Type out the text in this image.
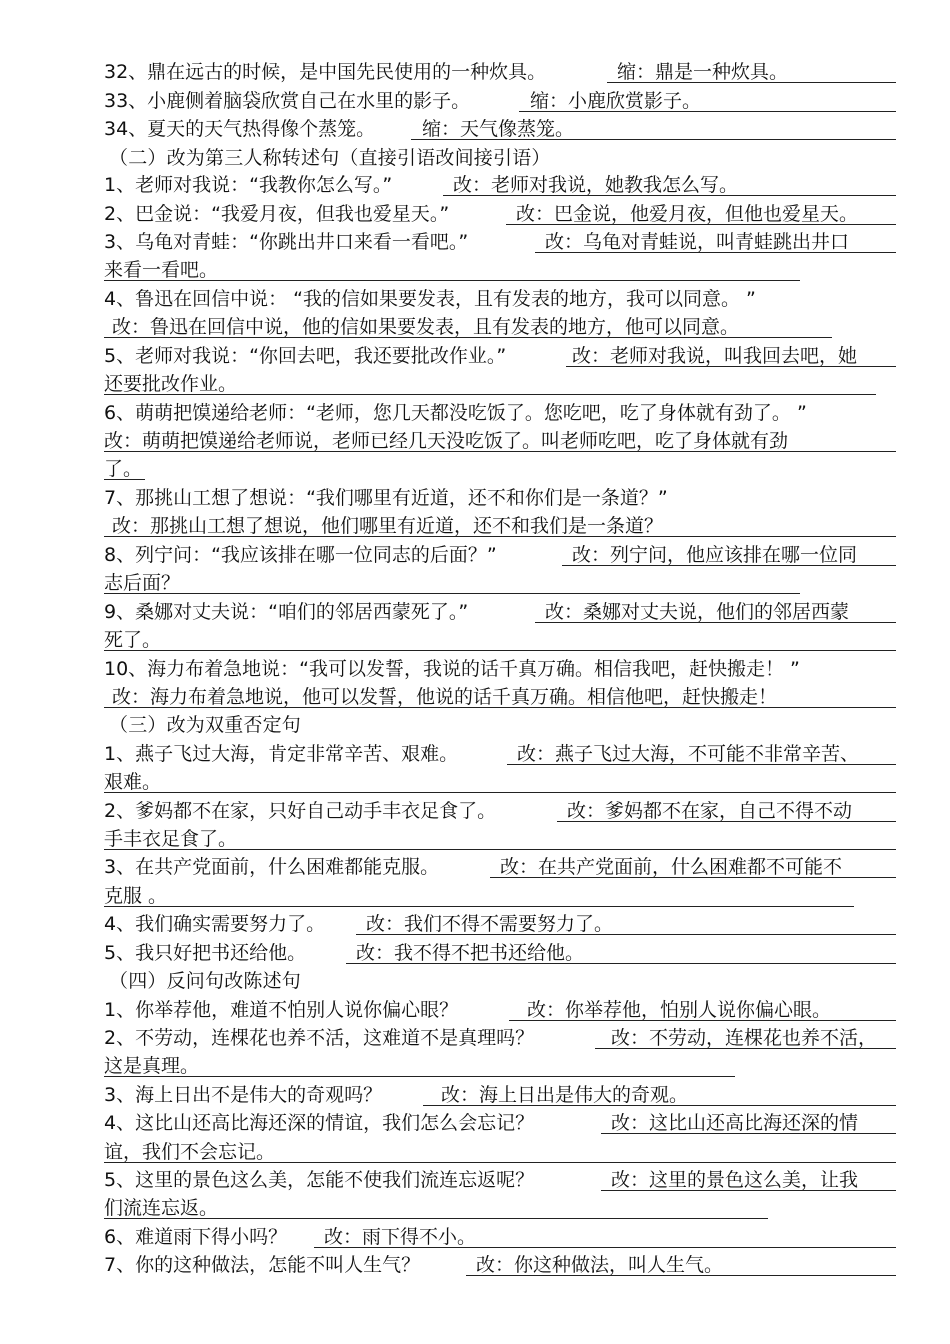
32、鼎在远古的时候，是中国先民使用的一种炊具。	缩：鼎是一种炊具。
33、小鹿侧着脑袋欣赏自己在水里的影子。	缩：小鹿欣赏影子。
34、夏天的天气热得像个蒸笼。 缩：天气像蒸笼。
（二）改为第三人称转述句（直接引语改间接引语）
1、老师对我说：“我教你怎么写。”	改：老师对我说，她教我怎么写。
2、巴金说：“我爱月夜，但我也爱星天。”	改：巴金说，他爱月夜，但他也爱星天。
3、乌龟对青蛙：“你跳出井口来看一看吧。”	改：乌龟对青蛙说，叫青蛙跳出井口
来看一看吧。
4、鲁迅在回信中说： “我的信如果要发表，且有发表的地方，我可以同意。 ”
改：鲁迅在回信中说，他的信如果要发表，且有发表的地方，他可以同意。
5、老师对我说：“你回去吧，我还要批改作业。”	改：老师对我说，叫我回去吧，她
还要批改作业。
6、萌萌把馍递给老师：“老师，您几天都没吃饭了。您吃吧，吃了身体就有劲了。 ”
改：萌萌把馍递给老师说，老师已经几天没吃饭了。叫老师吃吧，吃了身体就有劲
了。
7、那挑山工想了想说：“我们哪里有近道，还不和你们是一条道？”
改：那挑山工想了想说，他们哪里有近道，还不和我们是一条道？
8、列宁问：“我应该排在哪一位同志的后面？”	改：列宁问，他应该排在哪一位同
志后面？
9、桑娜对丈夫说：“咱们的邻居西蒙死了。”	改：桑娜对丈夫说，他们的邻居西蒙
死了。
10、海力布着急地说：“我可以发誓，我说的话千真万确。相信我吧，赶快搬走！ ”
改：海力布着急地说，他可以发誓，他说的话千真万确。相信他吧，赶快搬走！
（三）改为双重否定句
1、燕子飞过大海，肯定非常辛苦、艰难。	改：燕子飞过大海，不可能不非常辛苦、
艰难。
2、爹妈都不在家，只好自己动手丰衣足食了。	改：爹妈都不在家，自己不得不动
手丰衣足食了。
3、在共产党面前，什么困难都能克服。	改：在共产党面前，什么困难都不可能不
克服 。
4、我们确实需要努力了。 改：我们不得不需要努力了。
5、我只好把书还给他。	改：我不得不把书还给他。
（四）反问句改陈述句
1、你举荐他，难道不怕别人说你偏心眼？	改：你举荐他，怕别人说你偏心眼。
2、不劳动，连棵花也养不活，这难道不是真理吗？	改：不劳动，连棵花也养不活，
这是真理。
3、海上日出不是伟大的奇观吗？	改：海上日出是伟大的奇观。
4、这比山还高比海还深的情谊，我们怎么会忘记？	改：这比山还高比海还深的情
谊，我们不会忘记。
5、这里的景色这么美，怎能不使我们流连忘返呢？	改：这里的景色这么美，让我
们流连忘返。
6、难道雨下得小吗？ 改：雨下得不小。
7、你的这种做法，怎能不叫人生气？	改：你这种做法，叫人生气。
